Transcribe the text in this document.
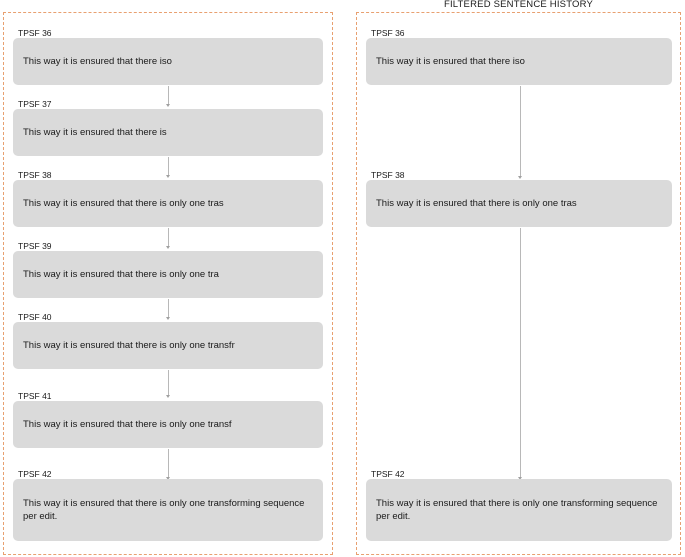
FILTERED SENTENCE HISTORY
TPSF 36
This way it is ensured that there iso
TPSF 37
This way it is ensured that there is
TPSF 38
This way it is ensured that there is only one tras
TPSF 39
This way it is ensured that there is only one tra
TPSF 40
This way it is ensured that there is only one transfr
TPSF 41
This way it is ensured that there is only one transf
TPSF 42
This way it is ensured that there is only one transforming sequence per edit.
TPSF 36
This way it is ensured that there iso
TPSF 38
This way it is ensured that there is only one tras
TPSF 42
This way it is ensured that there is only one transforming sequence per edit.
